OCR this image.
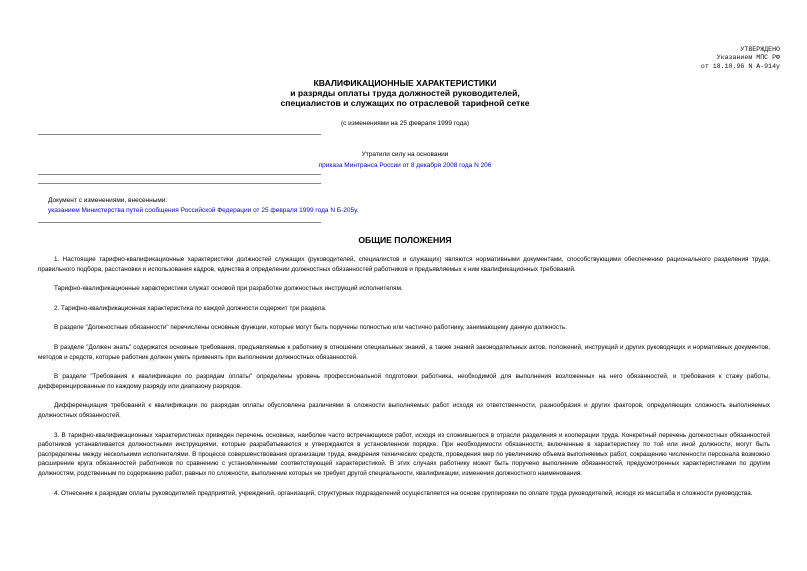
УТВЕРЖДЕНО
Указанием МПС РФ
от 18.10.96 N А-914у
КВАЛИФИКАЦИОННЫЕ ХАРАКТЕРИСТИКИ
и разряды оплаты труда должностей руководителей,
специалистов и служащих по отраслевой тарифной сетке
(с изменениями на 25 февраля 1999 года)
Утратили силу на основании
приказа Минтранса России от 8 декабря 2008 года N 206
Документ с изменениями, внесенными:
указанием Министерства путей сообщения Российской Федерации от 25 февраля 1999 года N Б-205у.
ОБЩИЕ ПОЛОЖЕНИЯ

1. Настоящие тарифно-квалификационные характеристики должностей служащих (руководителей, специалистов и служащих) являются нормативными документами, способствующими обеспечению рационального разделения труда, правильного подбора, расстановки и использования кадров, единства в определении должностных обязанностей работников и предъявляемых к ним квалификационных требований.

Тарифно-квалификационные характеристики служат основой при разработке должностных инструкций исполнителям.

2. Тарифно-квалификационная характеристика по каждой должности содержит три раздела.

В разделе "Должностные обязанности" перечислены основные функции, которые могут быть поручены полностью или частично работнику, занимающему данную должность.

В разделе "Должен знать" содержатся основные требования, предъявляемые к работнику в отношении специальных знаний, а также знаний законодательных актов, положений, инструкций и других руководящих и нормативных документов, методов и средств, которые работник должен уметь применять при выполнении должностных обязанностей.

В разделе "Требования к квалификации по разрядам оплаты" определены уровень профессиональной подготовки работника, необходимой для выполнения возложенных на него обязанностей, и требования к стажу работы, дифференцированные по каждому разряду или диапазону разрядов.

Дифференциация требований к квалификации по разрядам оплаты обусловлена различиями в сложности выполняемых работ исходя из ответственности, разнообразия и других факторов, определяющих сложность выполняемых должностных обязанностей.

3. В тарифно-квалификационных характеристиках приведен перечень основных, наиболее часто встречающихся работ, исходя из сложившегося в отрасли разделения и кооперации труда. Конкретный перечень должностных обязанностей работников устанавливается должностными инструкциями, которые разрабатываются и утверждаются в установленном порядке. При необходимости обязанности, включенные в характеристику по той или иной должности, могут быть распределены между несколькими исполнителями. В процессе совершенствования организации труда, внедрения технических средств, проведения мер по увеличению объема выполняемых работ, сокращению численности персонала возможно расширение круга обязанностей работников по сравнению с установленными соответствующей характеристикой. В этих случаях работнику может быть поручено выполнение обязанностей, предусмотренных характеристиками по другим должностям, родственным по содержанию работ, равных по сложности, выполнение которых не требует другой специальности, квалификации, изменения должностного наименования.

4. Отнесение к разрядам оплаты руководителей предприятий, учреждений, организаций, структурных подразделений осуществляется на основе группировки по оплате труда руководителей, исходя из масштаба и сложности руководства.
